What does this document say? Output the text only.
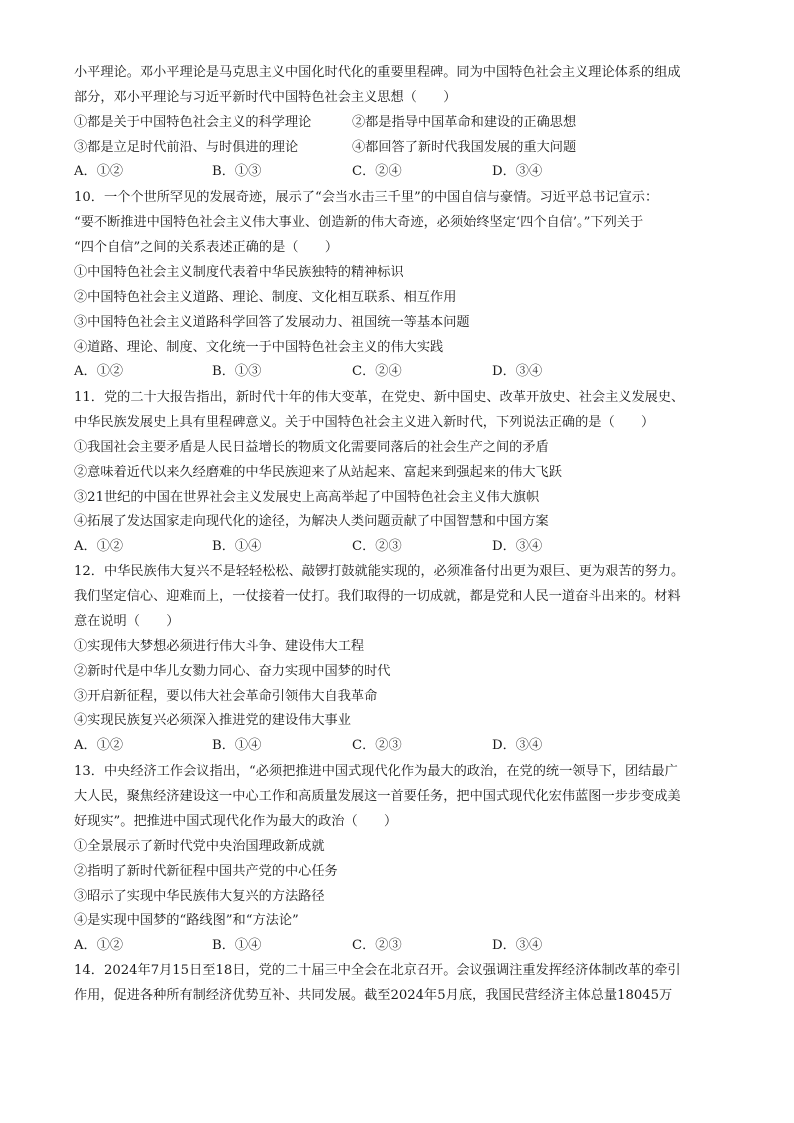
小平理论。邓小平理论是马克思主义中国化时代化的重要里程碑。同为中国特色社会主义理论体系的组成
部分，邓小平理论与习近平新时代中国特色社会主义思想（　　）
①都是关于中国特色社会主义的科学理论	②都是指导中国革命和建设的正确思想
③都是立足时代前沿、与时俱进的理论	④都回答了新时代我国发展的重大问题
A．①②	B．①③	C．②④	D．③④
10．一个个世所罕见的发展奇迹，展示了“会当水击三千里”的中国自信与豪情。习近平总书记宣示：
“要不断推进中国特色社会主义伟大事业、创造新的伟大奇迹，必须始终坚定‘四个自信’。”下列关于
“四个自信”之间的关系表述正确的是（　　）
①中国特色社会主义制度代表着中华民族独特的精神标识
②中国特色社会主义道路、理论、制度、文化相互联系、相互作用
③中国特色社会主义道路科学回答了发展动力、祖国统一等基本问题
④道路、理论、制度、文化统一于中国特色社会主义的伟大实践
A．①②	B．①③	C．②④	D．③④
11．党的二十大报告指出，新时代十年的伟大变革，在党史、新中国史、改革开放史、社会主义发展史、
中华民族发展史上具有里程碑意义。关于中国特色社会主义进入新时代，下列说法正确的是（　　）
①我国社会主要矛盾是人民日益增长的物质文化需要同落后的社会生产之间的矛盾
②意味着近代以来久经磨难的中华民族迎来了从站起来、富起来到强起来的伟大飞跃
③21世纪的中国在世界社会主义发展史上高高举起了中国特色社会主义伟大旗帜
④拓展了发达国家走向现代化的途径，为解决人类问题贡献了中国智慧和中国方案
A．①②	B．①④	C．②③	D．③④
12．中华民族伟大复兴不是轻轻松松、敲锣打鼓就能实现的，必须准备付出更为艰巨、更为艰苦的努力。
我们坚定信心、迎难而上，一仗接着一仗打。我们取得的一切成就，都是党和人民一道奋斗出来的。材料
意在说明（　　）
①实现伟大梦想必须进行伟大斗争、建设伟大工程
②新时代是中华儿女勠力同心、奋力实现中国梦的时代
③开启新征程，要以伟大社会革命引领伟大自我革命
④实现民族复兴必须深入推进党的建设伟大事业
A．①②	B．①④	C．②③	D．③④
13．中央经济工作会议指出，“必须把推进中国式现代化作为最大的政治，在党的统一领导下，团结最广
大人民，聚焦经济建设这一中心工作和高质量发展这一首要任务，把中国式现代化宏伟蓝图一步步变成美
好现实”。把推进中国式现代化作为最大的政治（　　）
①全景展示了新时代党中央治国理政新成就
②指明了新时代新征程中国共产党的中心任务
③昭示了实现中华民族伟大复兴的方法路径
④是实现中国梦的“路线图”和“方法论”
A．①②	B．①④	C．②③	D．③④
14．2024年7月15日至18日，党的二十届三中全会在北京召开。会议强调注重发挥经济体制改革的牵引
作用，促进各种所有制经济优势互补、共同发展。截至2024年5月底，我国民营经济主体总量18045万
